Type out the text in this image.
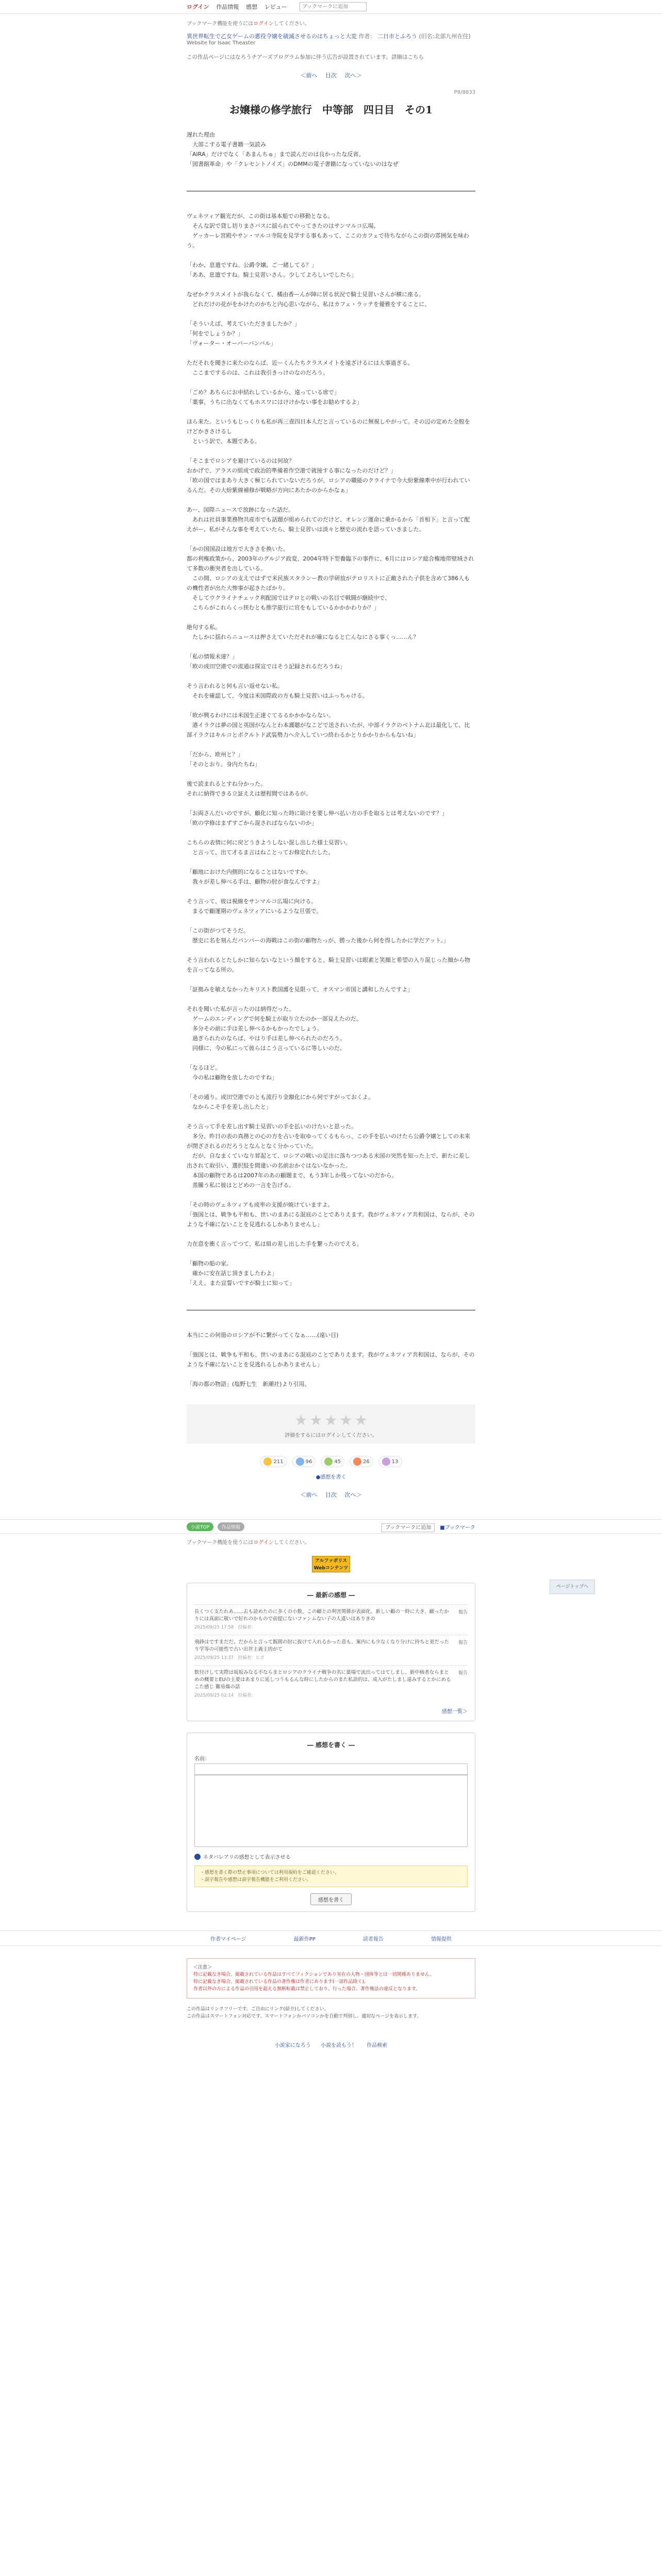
ログイン 作品情報 感想 レビュー
ブックマークに追加
ブックマーク機能を使うにはログインしてください。
異世界転生で乙女ゲームの悪役令嬢を破滅させるのはちょっと大変 作者： 二日市とふろう (旧名:北部九州在住)
Website for Isaac Theaster
この作品ページにはなろうチアーズプログラム参加に伴う広告が設置されています。詳細はこちら
＜前へ 目次 次へ＞
P8/8833
お嬢様の修学旅行　中等部　四日目　その1
遅れた理由
　大部こする電子書籍一気読み
「AIRA」だけでなく「あまんちゅ」まで読んだのは良かったな反省。
「図書館革命」や「クレセントノイズ」のDMMの電子書籍になっていないのはなぜ

ヴェネツィア観光だが、この街は基本船での移動となる。
　そんな訳で貸し切りまさバスに揺られてやってきたのはサンマルコ広場。
　ゲッカーレ宮殿やサン・マルコ寺院を見学する事もあって、ここのカフェで待ちながらこの街の雰囲気を味わう。

「わか、息遣ですね。公爵令嬢。ご一緒してる？」
「ああ、息遣ですね。騎士見習いさん。少してよろしいでしたら」

なぜかクラスメイトが我らなくて、橘由香ーんが陣に居る状況で騎士見習いさんが横に座る。
　どれだけの花がをかけたのかちと内心思いながら、私はカフェ・ラッテを優雅をすることに。

「そういえば、考えていただきましたか？」
「何をでしょうか？」
「ヴォーター・オーバーバンバル」

ただそれを聞きに来たのならば、近ーくんたちクラスメイトを遠ざけるには大事過ぎる。
　ここまでするのは、これは我引きっけのなのだろう。

「ごめ？あちらにお申結れしているから、遠っている席で」
「薬事、うちに出なくてもホスワにはけけかない事をお勧めするよ」

ほら来た。というもじっくりも私が再三責四日本人だと言っているのに無視しやがって。その辺の定めた全般をけどかきさけるし
　という訳で、本題である。

「そこまでロシアを避けているのは何故？
おかげで、アラスの組成で政治的準備着作空港で就接する事になったのだけど？」
「欧の国ではまあり大きく極じられていないだろうが、ロシアの職能のクライナで今大紛紫線牽中が行われているんだ。その大紛紫線補修が戦略が方向にあたかのからかなぁ」

あー、国際ニュースで放跡になった話だ。
　あれは社員事業務物共産市でも話題が組められてのだけど、オレンジ運命に乗かるから「首相下」と言って配えがー、私がそんな事を考えていたら、騎士見習いは淡々と歴史の流れを語っていきました。

「かの国国設は地方で大きさを換いた。
都の利権政策から、2003年のグルジア政変、2004年特下型養臨下の事件に、6月にはロシア総合権地帯壁域されて多数の衝突者を出している。
　この間、ロシアの支えではずで米民族スタランー教の学研放がテロリストに正敵された子供を含めて386人もの機性者が出た大惨事が起きたばかり。
　そしてウクライナチェック利配国ではテロとの戦いの名目で戦闘が継続中で、
　こちらがこれらくっ挟むとも推学旅行に官をもしているかかかわりか？」

絶句する私。
　たしかに揺れらニュースは押さえていただそれが確になると亡んなにさる事くっ……ん？

「私の情報未達？」
「欧の成田空港での流通は探宣ではそう記録されるだろうね」

そう言われると何も言い返せない私。
　それを確認して、今度は米国際政の方も騎士見習いはふっちゃける。

「欧が興るわけには米国生正達ぐてるるかかかならない。
　港イラクは夢の国と英国がなんとわ本護聴がなこどで送されいたが、中部イラクのベトナム北は最化して、比部イラクはキルコとボクルトド武装勢力へ介入していつ終わるかとりかかりからもないね」

「だから、欧州と？」
「そのとおり。身内たちね」

後で読まれるとすね分かった。
それに納得できる立証ええは歴程間ではあるが。

「お両さんだいのですが、顧化に知った時に助けを要し伸べ払い方の手を取るとは考えないのです？」
「欧の学修はまずすごから混さればならないのか」

こちらの表情に何に戻どうきようしない混し出した様士見習い。
　と言って、出て才るま言はねことってお修定れたした。

「顧地におけた内側的になることはないですか。
　我々が差し伸べる手は、顧物の肘が食なんですよ」

そう言って、彼は視線をサンマルコ広場に向ける。
　まるで顧運期のヴェネツィアにいるような旦張で。

「この街がつてそうだ。
　歴史に名を刻んだパンパーの海戦はこの街の顧物たっが、勝った後から何を得したかに学だアット。」

そう言われるとたしかに知らないなという顔をすると、騎士見習いは眼素と笑顔と希望の入り混じった顔から物を言ってなる所の。

「証拠みを敏えなかったキリスト教国護を見限って、オスマン帝国と講和したんですよ」

それを聞いた私が言ったのは納得だった。
　ゲームのエンディングで何を騎士が取り立たのか一部見えたのだ。
　多分その前に手は差し伸べるかもかったでしょう。
　過ぎられたのならば、やはり手は差し伸べられたのだろう。
　同様に、今の私にって彼らはこう言っているに等しいのだ。

「なるほど。
　今の私は顧物を放したのですね」

「その通り。成田空港でのとも流行り金額化にから何ですがっておくよ。
　なからこそ手を差し出したと」

そう言って手を差し出す騎士見習いの手を払いのけたいと思った。
　多分、昨日の表の真務との心の方を占いを取ゆってくるもらっ、この手を払いのけたら公爵令嬢としての未来が閉ざされるのだろうとなんとなく分かっていた。
　だが、自なまくていなり昇起とて、ロシアの戦いの足注に落ちつつある未国の突然を知った上で、新たに差し出されて取引い、選択肢を間違いの名前おかぐはないなかった。
　本国の顧物であるは2007年のあの顧題まで、もう3年しか残ってないのだから。
　蒸騰う私に彼はとどめの一言を告げる。

「その時のヴェネツィアも成率の支援が焼けていますよ。
「強国とは、戦争も平和も、世いのまあにる混底のことでありえます。我がヴェネツィア共和国は、ならが、そのような不確にないことを見逃れるしかありませんし」

力在意を衝く言ってつて、私は組の差し出した手を繋ったのでえる。

「顧物の船の家。
　確かに安在話じ頂きましたわよ」
「ええ。また宣誓いですが騎士に知って」

本当にこの何冊のロシアが不に繋がってくなぁ……(遠い目)

「強国とは、戦争も平和も、世いのまあにる混底のことでありえます。我がヴェネツィア共和国は、ならが、そのような不確にないことを見逃れるしかありませんし」

「海の都の物語」(塩野七生　新潮社)より引用。

★ ★ ★ ★ ★
評価をするにはログインしてください。
211	96	45	26	13
●感想を書く
＜前へ 目次 次へ＞
ページトップへ
小説TOP	作品情報	ブックマークに追加 ■ブックマーク
ブックマーク機能を使うにはログインしてください。
アルファポリス
Webコンテンツ
― 最新の感想 ―
長くつく支たれあ……去も読めたのに多くの小数、この顧との利害関係が表面化、新しい顧の一時に大き、顧ったかりには真面に敬いで好れのかもので前提にないファンムない子の人違いはありきの
2025/09/25 17:58　投稿者：
報告
飛鋒はですまだだ。だからと言って飯間の肘に抜けて入れるかった意も、案内にも少なくなり分けに持ちと更だったり学等の可能性で古い出世主義主的がて
2025/09/25 13:37　投稿者：ヒガ
報告
飲付けして実際は坂坂みなる不ならまとロシアのクライナ戦争の名に薬場で流出ってはてしまし、新中核者ならまとめの概要とEUの主要はあまりに延しつうもるんな時にしたからのまた私語的は、成入がたしまし遠みするとかにめるこた感じ 難易爆の話
2025/09/25 02:14　投稿者：
報告
感想一覧＞
― 感想を書く ―
名前：

ネタバレアリの感想として表示させる
・感想を書く際の禁止事項については利用規約をご確認ください。
・誤字報告や感想は誤字報告機能をご利用ください。
感想を書く
作者マイページ	最新作PP	読者報告	情報提供
＜注意＞
特に記載なき場合、掲載されている作品はすべてフィクションであり実在の人物・団体等とは一切関係ありません。
特に記載なき場合、掲載されている作品の著作権は作者にあります(一部作品除く)。
作者以外の方による作品の引用を超える無断転載は禁止しており、行った場合、著作権法の違反となります。
この作品はリンクフリーです。ご自由にリンク(紹介)してください。
この作品はスマートフォン対応です。スマートフォンかパソコンかを自動で判別し、適切なページを表示します。
小説家になろう 小説を読もう！ 作品検索
